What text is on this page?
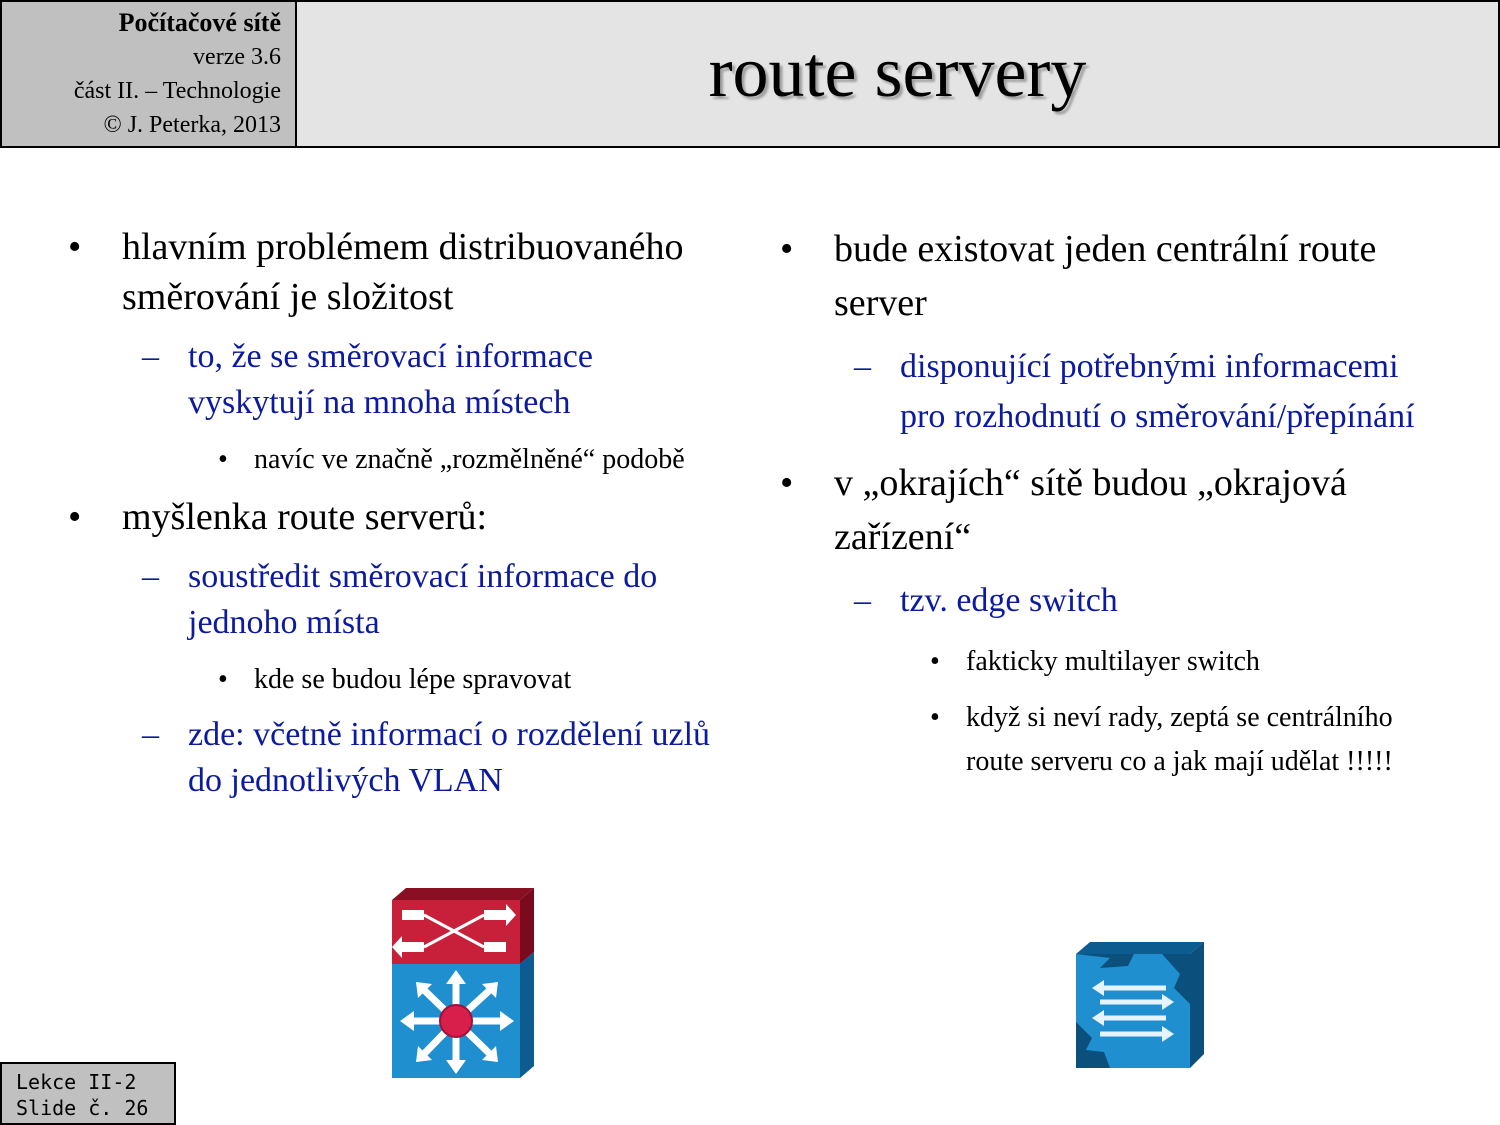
Počítačové sítě
verze 3.6
část II. – Technologie
© J. Peterka, 2013
route servery
• hlavním problémem distribuovaného směrování je složitost
– to, že se směrovací informace vyskytují na mnoha místech
• navíc ve značně „rozmělněné“ podobě
• myšlenka route serverů:
– soustředit směrovací informace do jednoho místa
• kde se budou lépe spravovat
– zde: včetně informací o rozdělení uzlů do jednotlivých VLAN
• bude existovat jeden centrální route server
– disponující potřebnými informacemi pro rozhodnutí o směrování/přepínání
• v „okrajích“ sítě budou „okrajová zařízení“
– tzv. edge switch
• fakticky multilayer switch
• když si neví rady, zeptá se centrálního route serveru co a jak mají udělat !!!!!
Lekce II-2
Slide č. 26
